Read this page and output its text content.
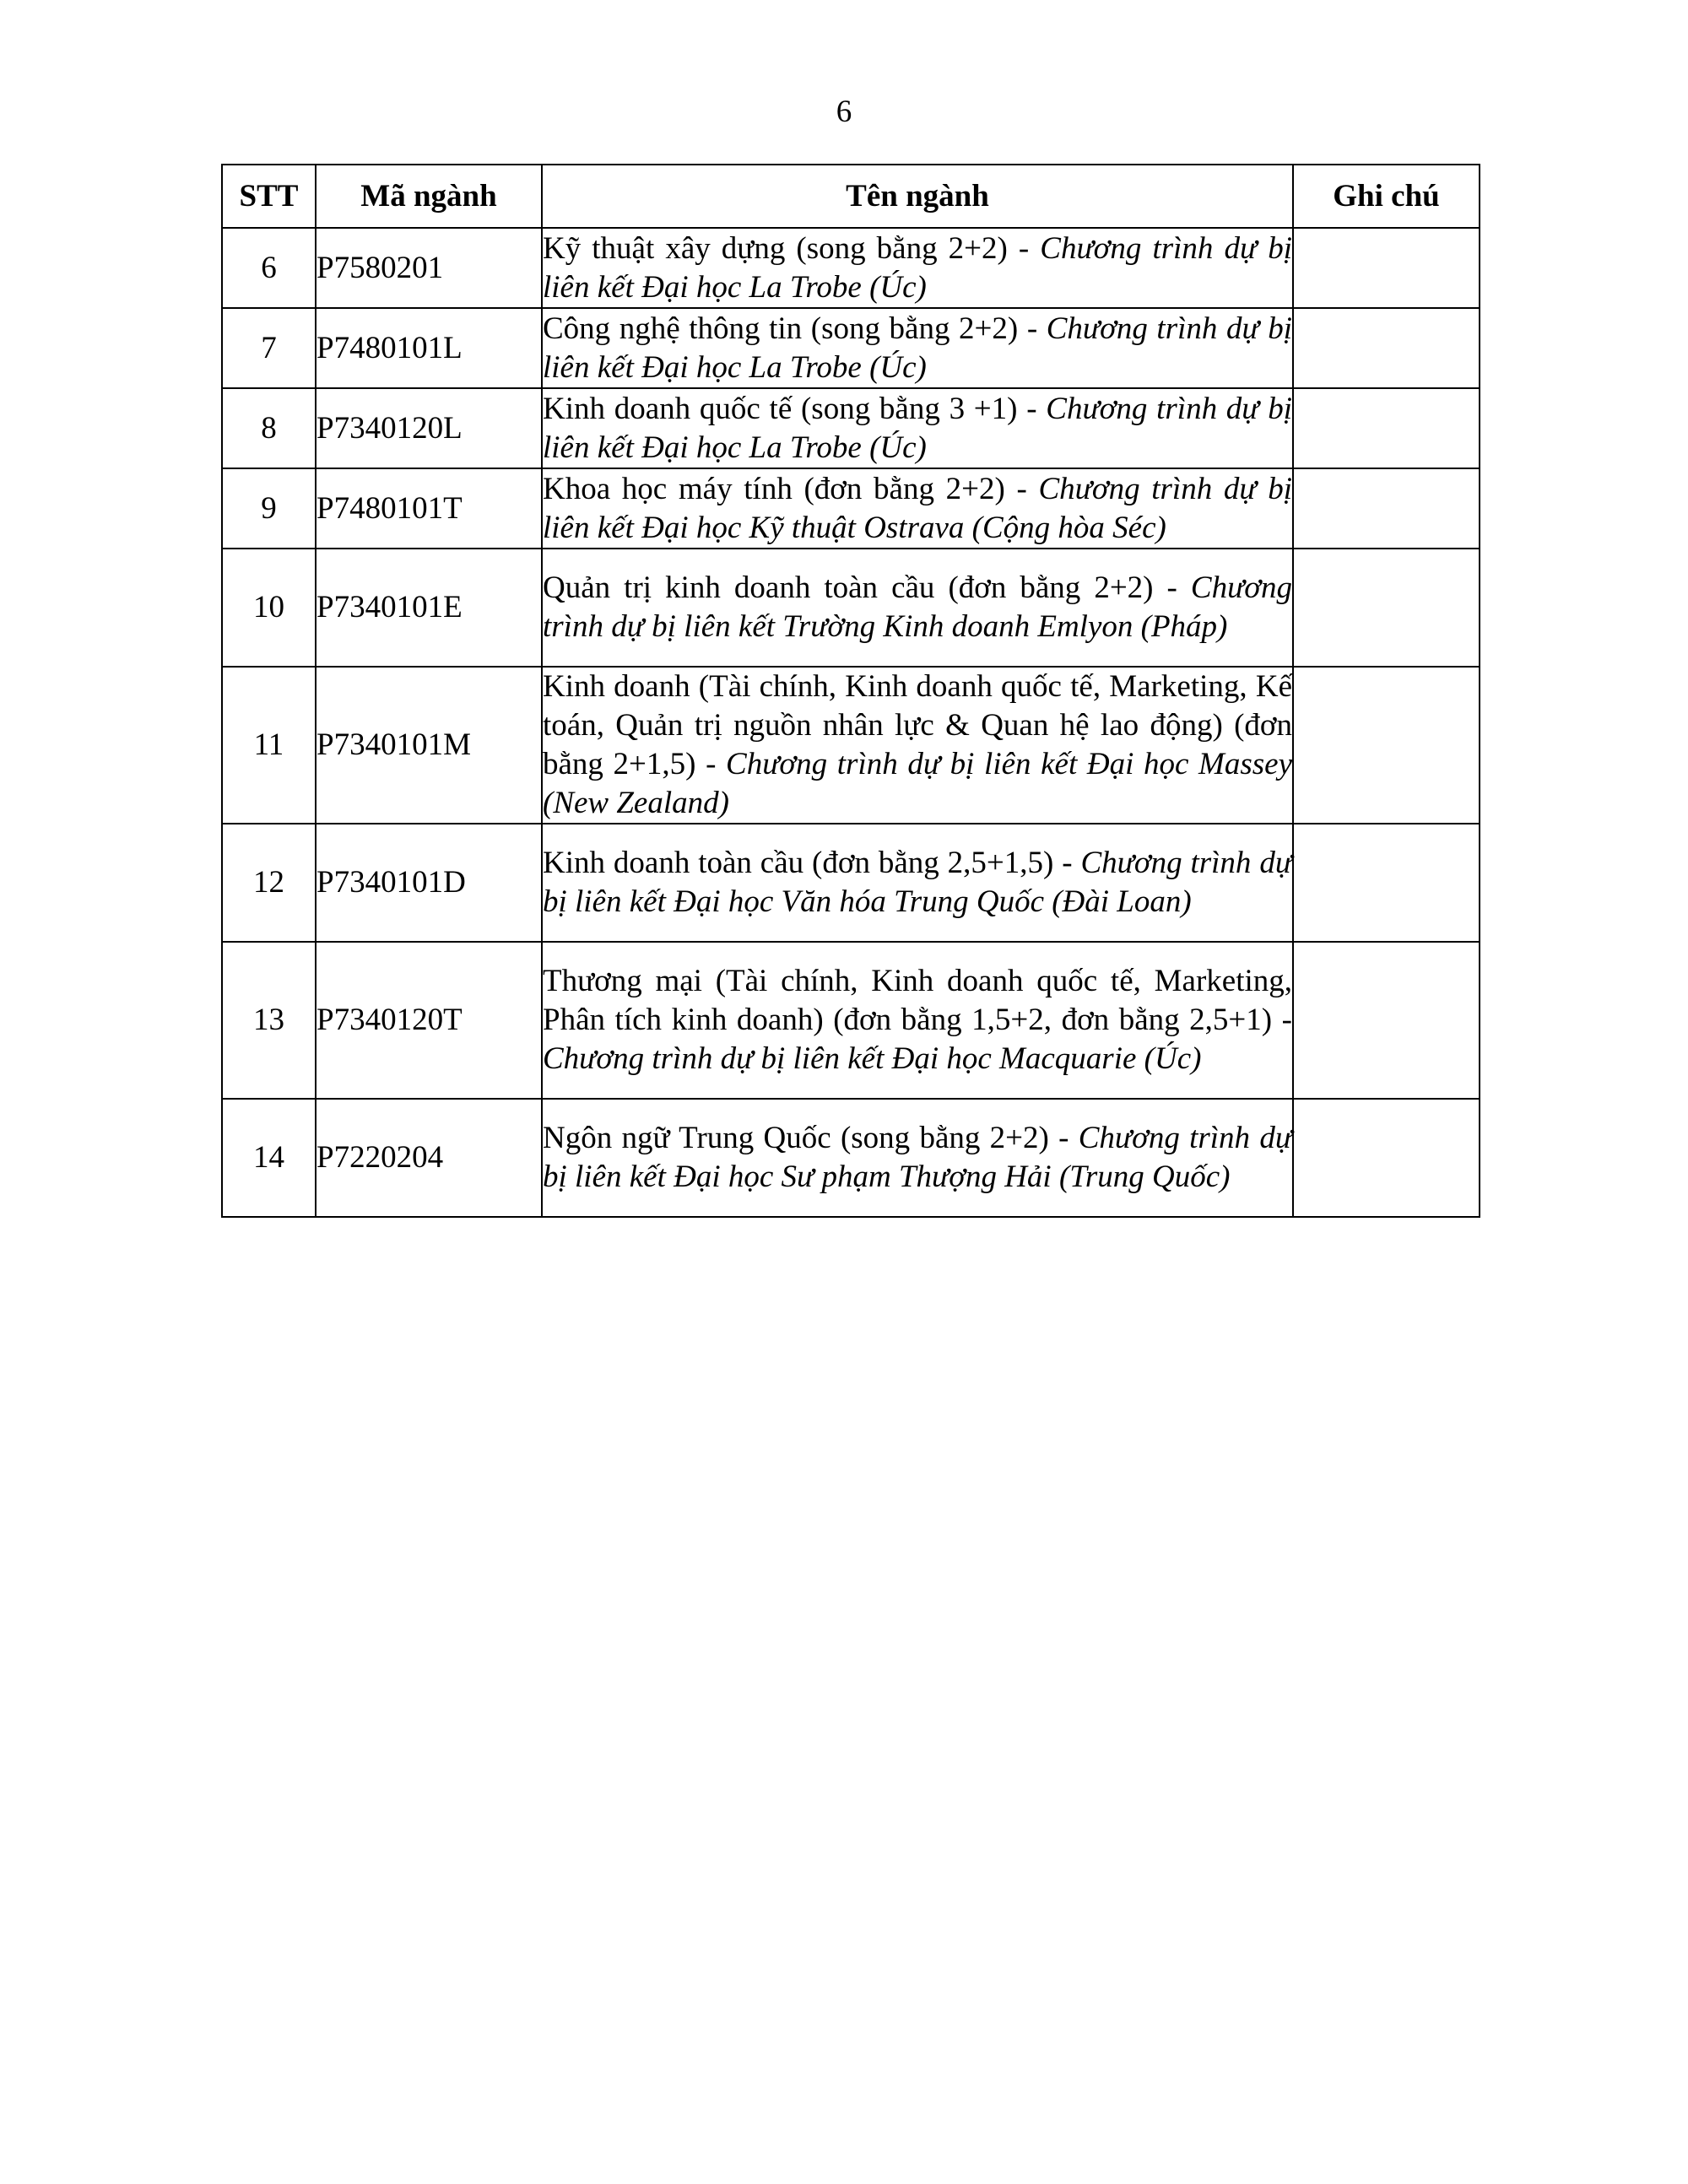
6
STT	Mã ngành	Tên ngành	Ghi chú
6	P7580201	Kỹ thuật xây dựng (song bằng 2+2) - Chương trình dự bị liên kết Đại học La Trobe (Úc)	
7	P7480101L	Công nghệ thông tin (song bằng 2+2) - Chương trình dự bị liên kết Đại học La Trobe (Úc)	
8	P7340120L	Kinh doanh quốc tế (song bằng 3 +1) - Chương trình dự bị liên kết Đại học La Trobe (Úc)	
9	P7480101T	Khoa học máy tính (đơn bằng 2+2) - Chương trình dự bị liên kết Đại học Kỹ thuật Ostrava (Cộng hòa Séc)	
10	P7340101E	Quản trị kinh doanh toàn cầu (đơn bằng 2+2) - Chương trình dự bị liên kết Trường Kinh doanh Emlyon (Pháp)	
11	P7340101M	Kinh doanh (Tài chính, Kinh doanh quốc tế, Marketing, Kế toán, Quản trị nguồn nhân lực & Quan hệ lao động) (đơn bằng 2+1,5) - Chương trình dự bị liên kết Đại học Massey (New Zealand)	
12	P7340101D	Kinh doanh toàn cầu (đơn bằng 2,5+1,5) - Chương trình dự bị liên kết Đại học Văn hóa Trung Quốc (Đài Loan)	
13	P7340120T	Thương mại (Tài chính, Kinh doanh quốc tế, Marketing, Phân tích kinh doanh) (đơn bằng 1,5+2, đơn bằng 2,5+1) - Chương trình dự bị liên kết Đại học Macquarie (Úc)	
14	P7220204	Ngôn ngữ Trung Quốc (song bằng 2+2) - Chương trình dự bị liên kết Đại học Sư phạm Thượng Hải (Trung Quốc)	
